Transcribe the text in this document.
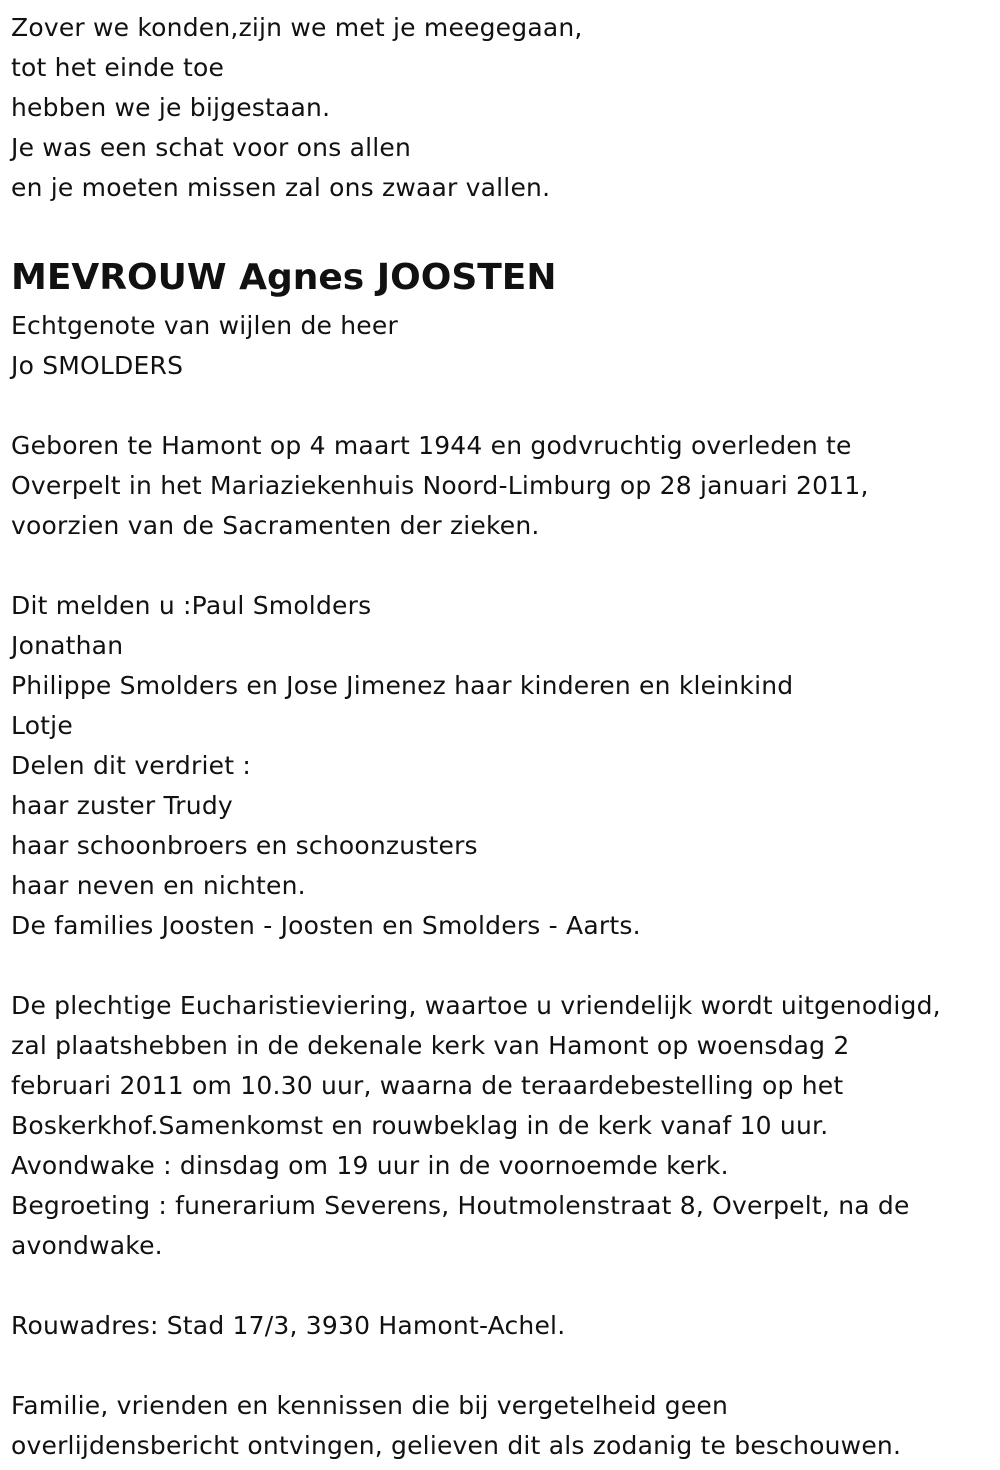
Zover we konden,zijn we met je meegegaan,
tot het einde toe
hebben we je bijgestaan.
Je was een schat voor ons allen
en je moeten missen zal ons zwaar vallen.
MEVROUW Agnes JOOSTEN
Echtgenote van wijlen de heer
Jo SMOLDERS
Geboren te Hamont op 4 maart 1944 en godvruchtig overleden te
Overpelt in het Mariaziekenhuis Noord-Limburg op 28 januari 2011,
voorzien van de Sacramenten der zieken.
Dit melden u :Paul Smolders
Jonathan
Philippe Smolders en Jose Jimenez haar kinderen en kleinkind
Lotje
Delen dit verdriet :
haar zuster Trudy
haar schoonbroers en schoonzusters
haar neven en nichten.
De families Joosten - Joosten en Smolders - Aarts.
De plechtige Eucharistieviering, waartoe u vriendelijk wordt uitgenodigd,
zal plaatshebben in de dekenale kerk van Hamont op woensdag 2
februari 2011 om 10.30 uur, waarna de teraardebestelling op het
Boskerkhof.Samenkomst en rouwbeklag in de kerk vanaf 10 uur.
Avondwake : dinsdag om 19 uur in de voornoemde kerk.
Begroeting : funerarium Severens, Houtmolenstraat 8, Overpelt, na de
avondwake.
Rouwadres: Stad 17/3, 3930 Hamont-Achel.
Familie, vrienden en kennissen die bij vergetelheid geen
overlijdensbericht ontvingen, gelieven dit als zodanig te beschouwen.
